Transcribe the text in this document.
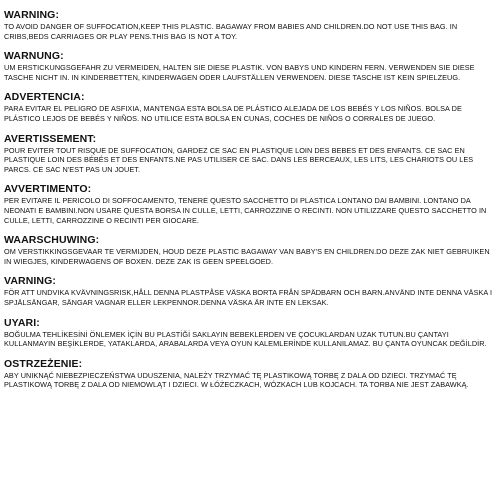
WARNING:

TO AVOID DANGER OF SUFFOCATION,KEEP THIS PLASTIC. BAGAWAY FROM BABIES AND CHILDREN.DO NOT USE THIS BAG. IN CRIBS,BEDS CARRIAGES OR PLAY PENS.THIS BAG IS NOT A TOY.

WARNUNG:

UM ERSTICKUNGSGEFAHR ZU VERMEIDEN, HALTEN SIE DIESE PLASTIK. VON BABYS UND KINDERN FERN. VERWENDEN SIE DIESE TASCHE NICHT IN. IN KINDERBETTEN, KINDERWAGEN ODER LAUFSTÄLLEN VERWENDEN. DIESE TASCHE IST KEIN SPIELZEUG.

ADVERTENCIA:

PARA EVITAR EL PELIGRO DE ASFIXIA, MANTENGA ESTA BOLSA DE PLÁSTICO ALEJADA DE LOS BEBÉS Y LOS NIÑOS. BOLSA DE PLÁSTICO LEJOS DE BEBÉS Y NIÑOS. NO UTILICE ESTA BOLSA EN CUNAS, COCHES DE NIÑOS O CORRALES DE JUEGO.

AVERTISSEMENT:

POUR EVITER TOUT RISQUE DE SUFFOCATION, GARDEZ CE SAC EN PLASTIQUE LOIN DES BEBES ET DES ENFANTS. CE SAC EN PLASTIQUE LOIN DES BÉBÉS ET DES ENFANTS.NE PAS UTILISER CE SAC. DANS LES BERCEAUX, LES LITS, LES CHARIOTS OU LES PARCS. CE SAC N'EST PAS UN JOUET.

AVVERTIMENTO:

PER EVITARE IL PERICOLO DI SOFFOCAMENTO, TENERE QUESTO SACCHETTO DI PLASTICA LONTANO DAI BAMBINI. LONTANO DA NEONATI E BAMBINI.NON USARE QUESTA BORSA IN CULLE, LETTI, CARROZZINE O RECINTI. NON UTILIZZARE QUESTO SACCHETTO IN CULLE, LETTI, CARROZZINE O RECINTI PER GIOCARE.

WAARSCHUWING:

OM VERSTIKKINGSGEVAAR TE VERMIJDEN, HOUD DEZE PLASTIC BAGAWAY VAN BABY'S EN CHILDREN.DO DEZE ZAK NIET GEBRUIKEN IN WIEGJES, KINDERWAGENS OF BOXEN. DEZE ZAK IS GEEN SPEELGOED.

VARNING:

FÖR ATT UNDVIKA KVÄVNINGSRISK,HÅLL DENNA PLASTPÅSE VÄSKA BORTA FRÅN SPÄDBARN OCH BARN.ANVÄND INTE DENNA VÄSKA I SPJÄLSÄNGAR, SÄNGAR VAGNAR ELLER LEKPENNOR.DENNA VÄSKA ÄR INTE EN LEKSAK.

UYARI:

BOĞULMA TEHLİKESİNİ ÖNLEMEK İÇİN BU PLASTİĞİ SAKLAYIN BEBEKLERDEN VE ÇOCUKLARDAN UZAK TUTUN.BU ÇANTAYI KULLANMAYIN BEŞİKLERDE, YATAKLARDA, ARABALARDA VEYA OYUN KALEMLERİNDE KULLANILAMAZ. BU ÇANTA OYUNCAK DEĞİLDİR.

OSTRZEŻENIE:

ABY UNIKNĄĆ NIEBEZPIECZEŃSTWA UDUSZENIA, NALEŻY TRZYMAĆ TĘ PLASTIKOWĄ TORBĘ Z DALA OD DZIECI. TRZYMAĆ TĘ PLASTIKOWĄ TORBĘ Z DALA OD NIEMOWLĄT I DZIECI. W ŁÓŻECZKACH, WÓZKACH LUB KOJCACH. TA TORBA NIE JEST ZABAWKĄ.
